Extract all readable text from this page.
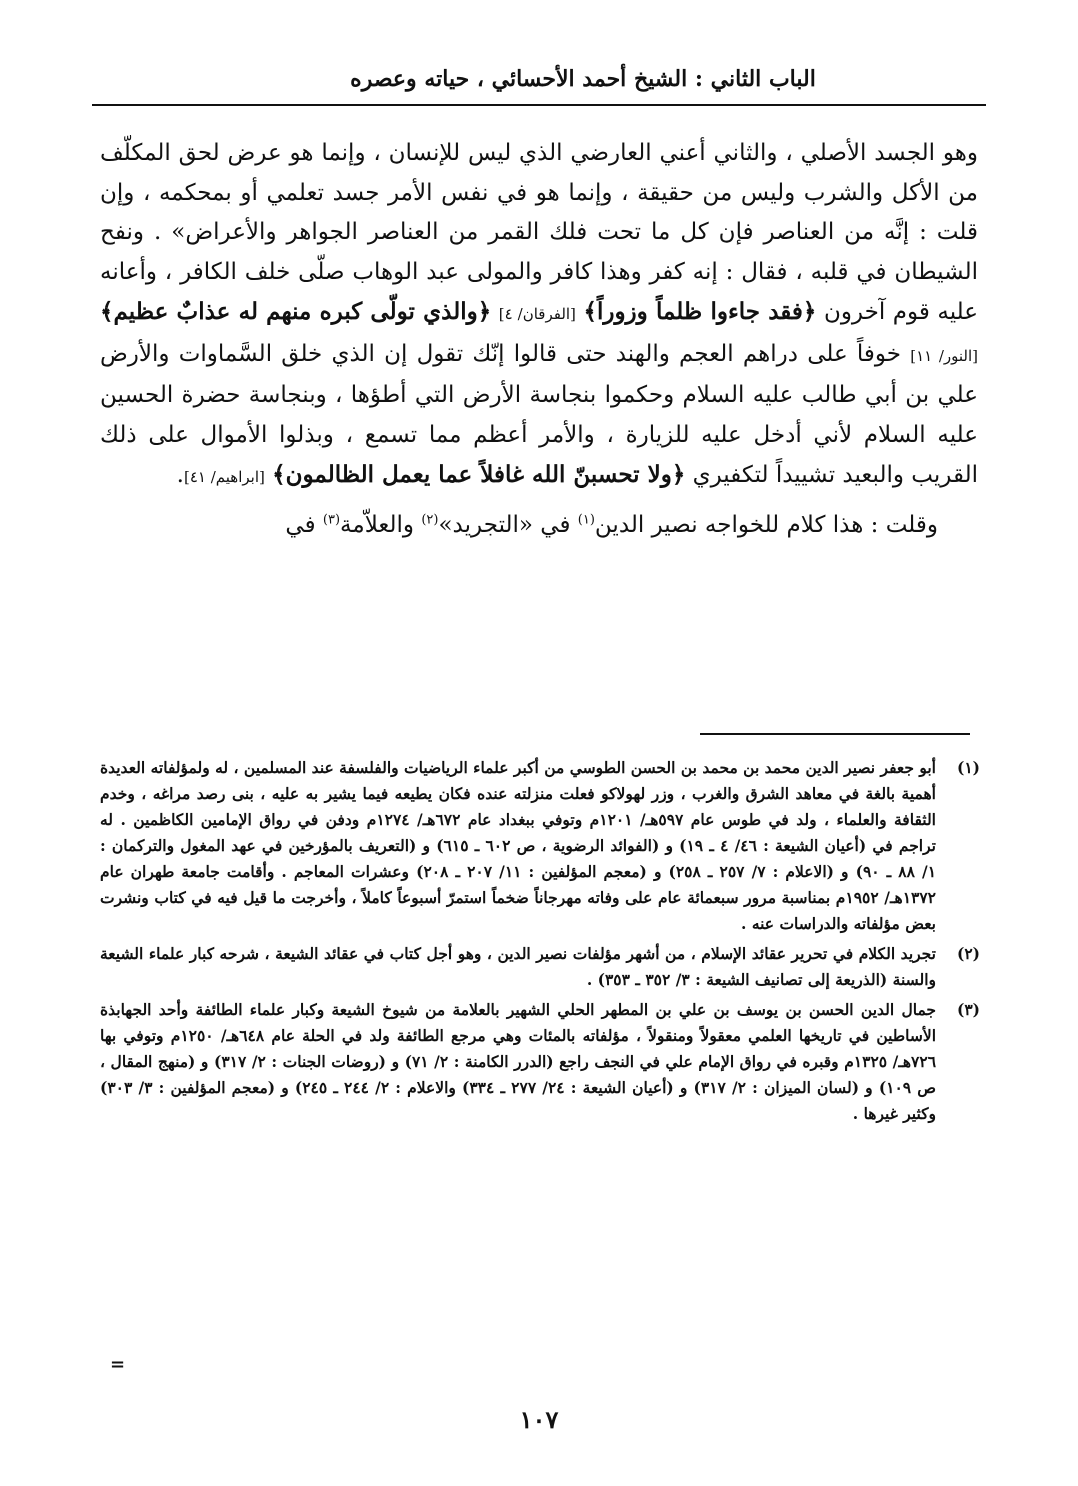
الباب الثاني : الشيخ أحمد الأحسائي ، حياته وعصره

وهو الجسد الأصلي ، والثاني أعني العارضي الذي ليس للإنسان ، وإنما هو عرض لحق المكلّف من الأكل والشرب وليس من حقيقة ، وإنما هو في نفس الأمر جسد تعلمي أو بمحكمه ، وإن قلت : إنَّه من العناصر فإن كل ما تحت فلك القمر من العناصر الجواهر والأعراض» . ونفح الشيطان في قلبه ، فقال : إنه كفر وهذا كافر والمولى عبد الوهاب صلّى خلف الكافر ، وأعانه عليه قوم آخرون ﴿فقد جاءوا ظلماً وزوراً﴾ [الفرقان/ ٤] ﴿والذي تولّى كبره منهم له عذابٌ عظيم﴾ [النور/ ١١] خوفاً على دراهم العجم والهند حتى قالوا إنّك تقول إن الذي خلق السَّماوات والأرض علي بن أبي طالب عليه السلام وحكموا بنجاسة الأرض التي أطؤها ، وبنجاسة حضرة الحسين عليه السلام لأني أدخل عليه للزيارة ، والأمر أعظم مما تسمع ، وبذلوا الأموال على ذلك القريب والبعيد تشييداً لتكفيري ﴿ولا تحسبنّ الله غافلاً عما يعمل الظالمون﴾ [ابراهيم/ ٤١].

وقلت : هذا كلام للخواجه نصير الدين$^{(١)}$ في «التجريد»$^{(٢)}$ والعلاّمة$^{(٣)}$ في

(١)
أبو جعفر نصير الدين محمد بن محمد بن الحسن الطوسي من أكبر علماء الرياضيات والفلسفة عند المسلمين ، له ولمؤلفاته العديدة أهمية بالغة في معاهد الشرق والغرب ، وزر لهولاكو فعلت منزلته عنده فكان يطيعه فيما يشير به عليه ، بنى رصد مراغه ، وخدم الثقافة والعلماء ، ولد في طوس عام ٥٩٧هـ/ ١٢٠١م وتوفي ببغداد عام ٦٧٢هـ/ ١٢٧٤م ودفن في رواق الإمامين الكاظمين . له تراجم في (أعيان الشيعة : ٤٦/ ٤ ـ ١٩) و (الفوائد الرضوية ، ص ٦٠٢ ـ ٦١٥) و (التعريف بالمؤرخين في عهد المغول والتركمان : ١/ ٨٨ ـ ٩٠) و (الاعلام : ٧/ ٢٥٧ ـ ٢٥٨) و (معجم المؤلفين : ١١/ ٢٠٧ ـ ٢٠٨) وعشرات المعاجم . وأقامت جامعة طهران عام ١٣٧٢هـ/ ١٩٥٢م بمناسبة مرور سبعمائة عام على وفاته مهرجاناً ضخماً استمرّ أسبوعاً كاملاً ، وأخرجت ما قيل فيه في كتاب ونشرت بعض مؤلفاته والدراسات عنه .
(٢)
تجريد الكلام في تحرير عقائد الإسلام ، من أشهر مؤلفات نصير الدين ، وهو أجل كتاب في عقائد الشيعة ، شرحه كبار علماء الشيعة والسنة (الذريعة إلى تصانيف الشيعة : ٣/ ٣٥٢ ـ ٣٥٣) .
(٣)
جمال الدين الحسن بن يوسف بن علي بن المطهر الحلي الشهير بالعلامة من شيوخ الشيعة وكبار علماء الطائفة وأحد الجهابذة الأساطين في تاريخها العلمي معقولاً ومنقولاً ، مؤلفاته بالمئات وهي مرجع الطائفة ولد في الحلة عام ٦٤٨هـ/ ١٢٥٠م وتوفي بها ٧٢٦هـ/ ١٣٢٥م وقبره في رواق الإمام علي في النجف راجع (الدرر الكامنة : ٢/ ٧١) و (روضات الجنات : ٢/ ٣١٧) و (منهج المقال ، ص ١٠٩) و (لسان الميزان : ٢/ ٣١٧) و (أعيان الشيعة : ٢٤/ ٢٧٧ ـ ٣٣٤) والاعلام : ٢/ ٢٤٤ ـ ٢٤٥) و (معجم المؤلفين : ٣/ ٣٠٣) وكثير غيرها .
=
١٠٧
